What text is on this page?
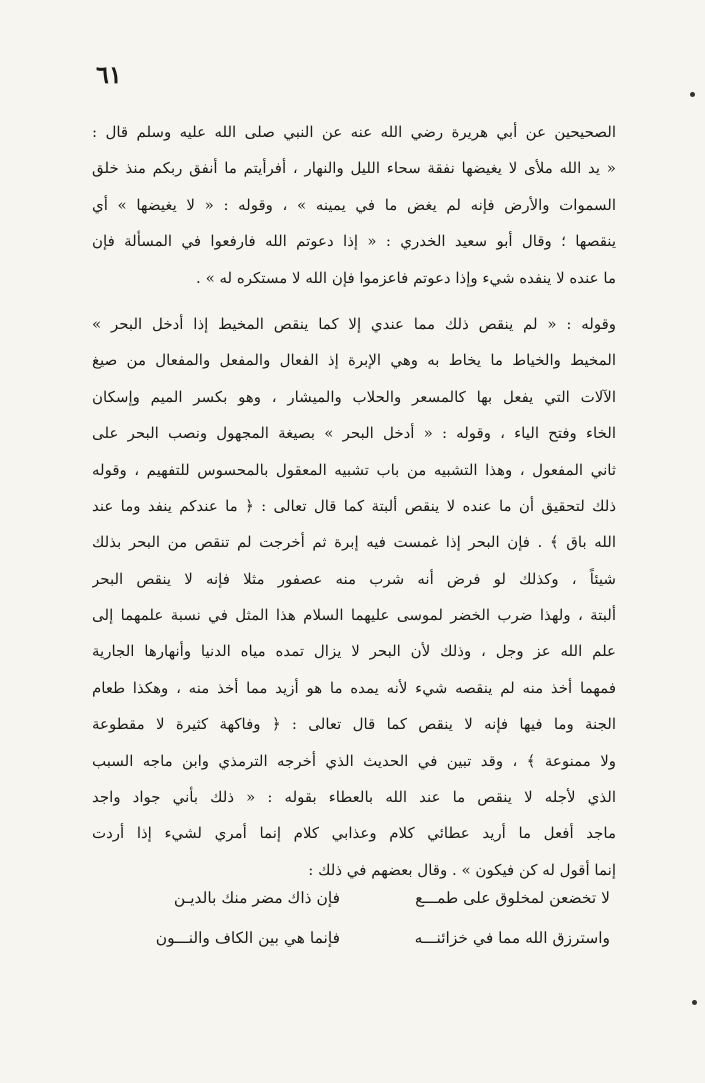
٦١
الصحيحين عن أبي هريرة رضي الله عنه عن النبي صلى الله عليه وسلم قال :
« يد الله ملأى لا يغيضها نفقة سحاء الليل والنهار ، أفرأيتم ما أنفق ربكم منذ خلق
السموات والأرض فإنه لم يغض ما في يمينه » ، وقوله : « لا يغيضها » أي
ينقصها ؛ وقال أبو سعيد الخدري : « إذا دعوتم الله فارفعوا في المسألة فإن
ما عنده لا ينفده شيء وإذا دعوتم فاعزموا فإن الله لا مستكره له » .
وقوله : « لم ينقص ذلك مما عندي إلا كما ينقص المخيط إذا أدخل البحر »
المخيط والخياط ما يخاط به وهي الإبرة إذ الفعال والمفعل والمفعال من صيغ
الآلات التي يفعل بها كالمسعر والحلاب والميشار ، وهو بكسر الميم وإسكان
الخاء وفتح الياء ، وقوله : « أدخل البحر » بصيغة المجهول ونصب البحر على
ثاني المفعول ، وهذا التشبيه من باب تشبيه المعقول بالمحسوس للتفهيم ، وقوله
ذلك لتحقيق أن ما عنده لا ينقص ألبتة كما قال تعالى : ﴿ ما عندكم ينفد وما عند
الله باق ﴾ . فإن البحر إذا غمست فيه إبرة ثم أخرجت لم تنقص من البحر بذلك
شيئاً ، وكذلك لو فرض أنه شرب منه عصفور مثلا فإنه لا ينقص البحر
ألبتة ، ولهذا ضرب الخضر لموسى عليهما السلام هذا المثل في نسبة علمهما إلى
علم الله عز وجل ، وذلك لأن البحر لا يزال تمده مياه الدنيا وأنهارها الجارية
فمهما أخذ منه لم ينقصه شيء لأنه يمده ما هو أزيد مما أخذ منه ، وهكذا طعام
الجنة وما فيها فإنه لا ينقص كما قال تعالى : ﴿ وفاكهة كثيرة لا مقطوعة
ولا ممنوعة ﴾ ، وقد تبين في الحديث الذي أخرجه الترمذي وابن ماجه السبب
الذي لأجله لا ينقص ما عند الله بالعطاء بقوله : « ذلك بأني جواد واجد
ماجد أفعل ما أريد عطائي كلام وعذابي كلام إنما أمري لشيء إذا أردت
إنما أقول له كن فيكون » . وقال بعضهم في ذلك :
لا تخضعن لمخلوق على طمـــع
فإن ذاك مضر منك بالديـن
واسترزق الله مما في خزائنـــه
فإنما هي بين الكاف والنـــون
